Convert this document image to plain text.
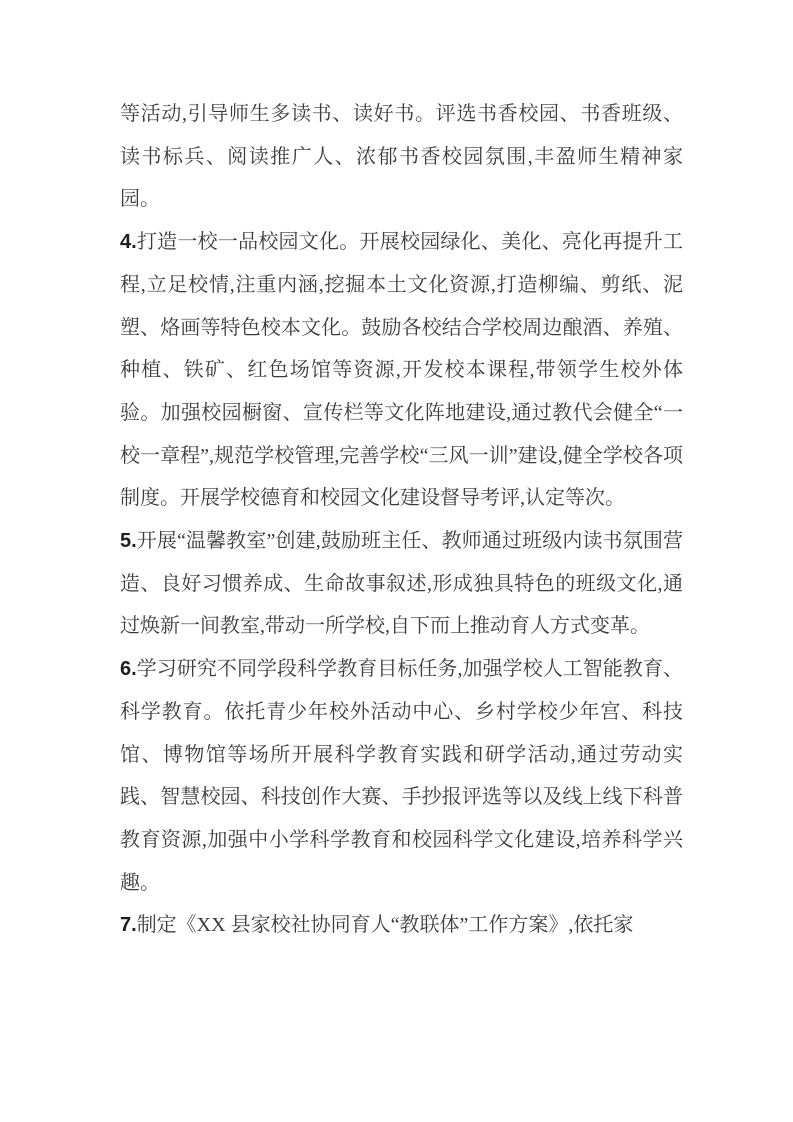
等活动,引导师生多读书、读好书。评选书香校园、书香班级、读书标兵、阅读推广人、浓郁书香校园氛围,丰盈师生精神家园。

4.打造一校一品校园文化。开展校园绿化、美化、亮化再提升工程,立足校情,注重内涵,挖掘本土文化资源,打造柳编、剪纸、泥塑、烙画等特色校本文化。鼓励各校结合学校周边酿酒、养殖、种植、铁矿、红色场馆等资源,开发校本课程,带领学生校外体验。加强校园橱窗、宣传栏等文化阵地建设,通过教代会健全“一校一章程”,规范学校管理,完善学校“三风一训”建设,健全学校各项制度。开展学校德育和校园文化建设督导考评,认定等次。

5.开展“温馨教室”创建,鼓励班主任、教师通过班级内读书氛围营造、良好习惯养成、生命故事叙述,形成独具特色的班级文化,通过焕新一间教室,带动一所学校,自下而上推动育人方式变革。

6.学习研究不同学段科学教育目标任务,加强学校人工智能教育、科学教育。依托青少年校外活动中心、乡村学校少年宫、科技馆、博物馆等场所开展科学教育实践和研学活动,通过劳动实践、智慧校园、科技创作大赛、手抄报评选等以及线上线下科普教育资源,加强中小学科学教育和校园科学文化建设,培养科学兴趣。

7.制定《XX 县家校社协同育人“教联体”工作方案》,依托家
